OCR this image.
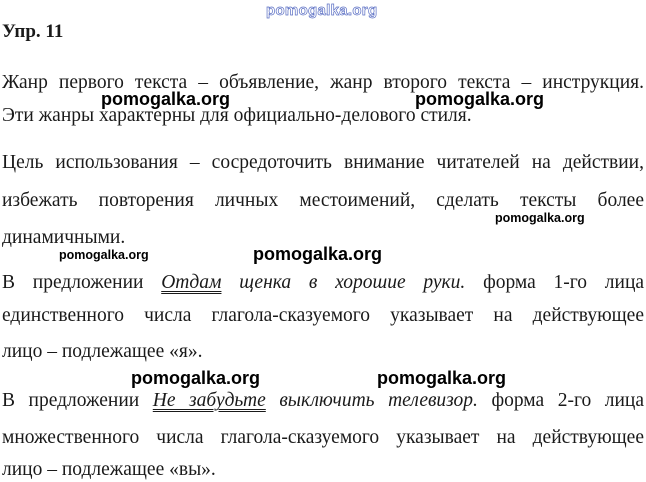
pomogalka.org
Упр. 11
Жанр первого текста – объявление, жанр второго текста – инструкция.
Эти жанры характерны для официально-делового стиля.
Цель использования – сосредоточить внимание читателей на действии,
избежать повторения личных местоимений, сделать тексты более
динамичными.
В предложении Отдам щенка в хорошие руки. форма 1-го лица
единственного числа глагола-сказуемого указывает на действующее
лицо – подлежащее «я».
В предложении Не забудьте выключить телевизор. форма 2-го лица
множественного числа глагола-сказуемого указывает на действующее
лицо – подлежащее «вы».
pomogalka.org	pomogalka.org
pomogalka.org
pomogalka.org	pomogalka.org
pomogalka.org	pomogalka.org
